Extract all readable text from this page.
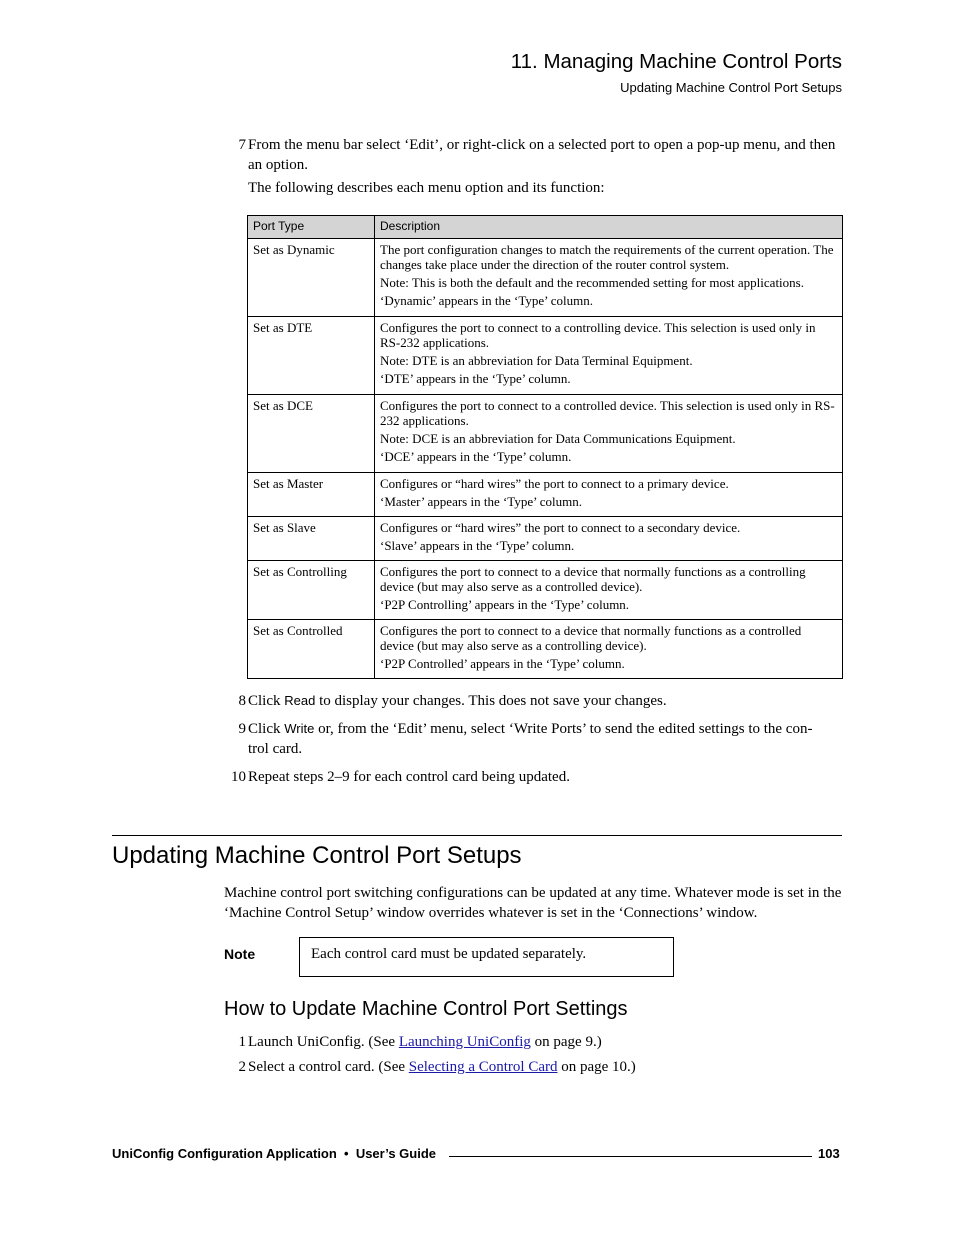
11. Managing Machine Control Ports
Updating Machine Control Port Setups
7 From the menu bar select ‘Edit’, or right-click on a selected port to open a pop-up menu, and then an option.
The following describes each menu option and its function:
Port Type	Description
Set as Dynamic	The port configuration changes to match the requirements of the current operation. The changes take place under the direction of the router control system.

Note: This is both the default and the recommended setting for most applications.

‘Dynamic’ appears in the ‘Type’ column.

Set as DTE	Configures the port to connect to a controlling device. This selection is used only in RS-232 applications.

Note: DTE is an abbreviation for Data Terminal Equipment.

‘DTE’ appears in the ‘Type’ column.

Set as DCE	Configures the port to connect to a controlled device. This selection is used only in RS-232 applications.

Note: DCE is an abbreviation for Data Communications Equipment.

‘DCE’ appears in the ‘Type’ column.

Set as Master	Configures or “hard wires” the port to connect to a primary device.

‘Master’ appears in the ‘Type’ column.

Set as Slave	Configures or “hard wires” the port to connect to a secondary device.

‘Slave’ appears in the ‘Type’ column.

Set as Controlling	Configures the port to connect to a device that normally functions as a controlling device (but may also serve as a controlled device).

‘P2P Controlling’ appears in the ‘Type’ column.

Set as Controlled	Configures the port to connect to a device that normally functions as a controlled device (but may also serve as a controlling device).

‘P2P Controlled’ appears in the ‘Type’ column.

8 Click Read to display your changes. This does not save your changes.
9 Click Write or, from the ‘Edit’ menu, select ‘Write Ports’ to send the edited settings to the con-
trol card.
10 Repeat steps 2–9 for each control card being updated.
Updating Machine Control Port Setups
Machine control port switching configurations can be updated at any time. Whatever mode is set in the ‘Machine Control Setup’ window overrides whatever is set in the ‘Connections’ window.
Note	Each control card must be updated separately.
How to Update Machine Control Port Settings
1 Launch UniConfig. (See Launching UniConfig on page 9.)
2 Select a control card. (See Selecting a Control Card on page 10.)
UniConfig Configuration Application  •  User’s Guide	103
